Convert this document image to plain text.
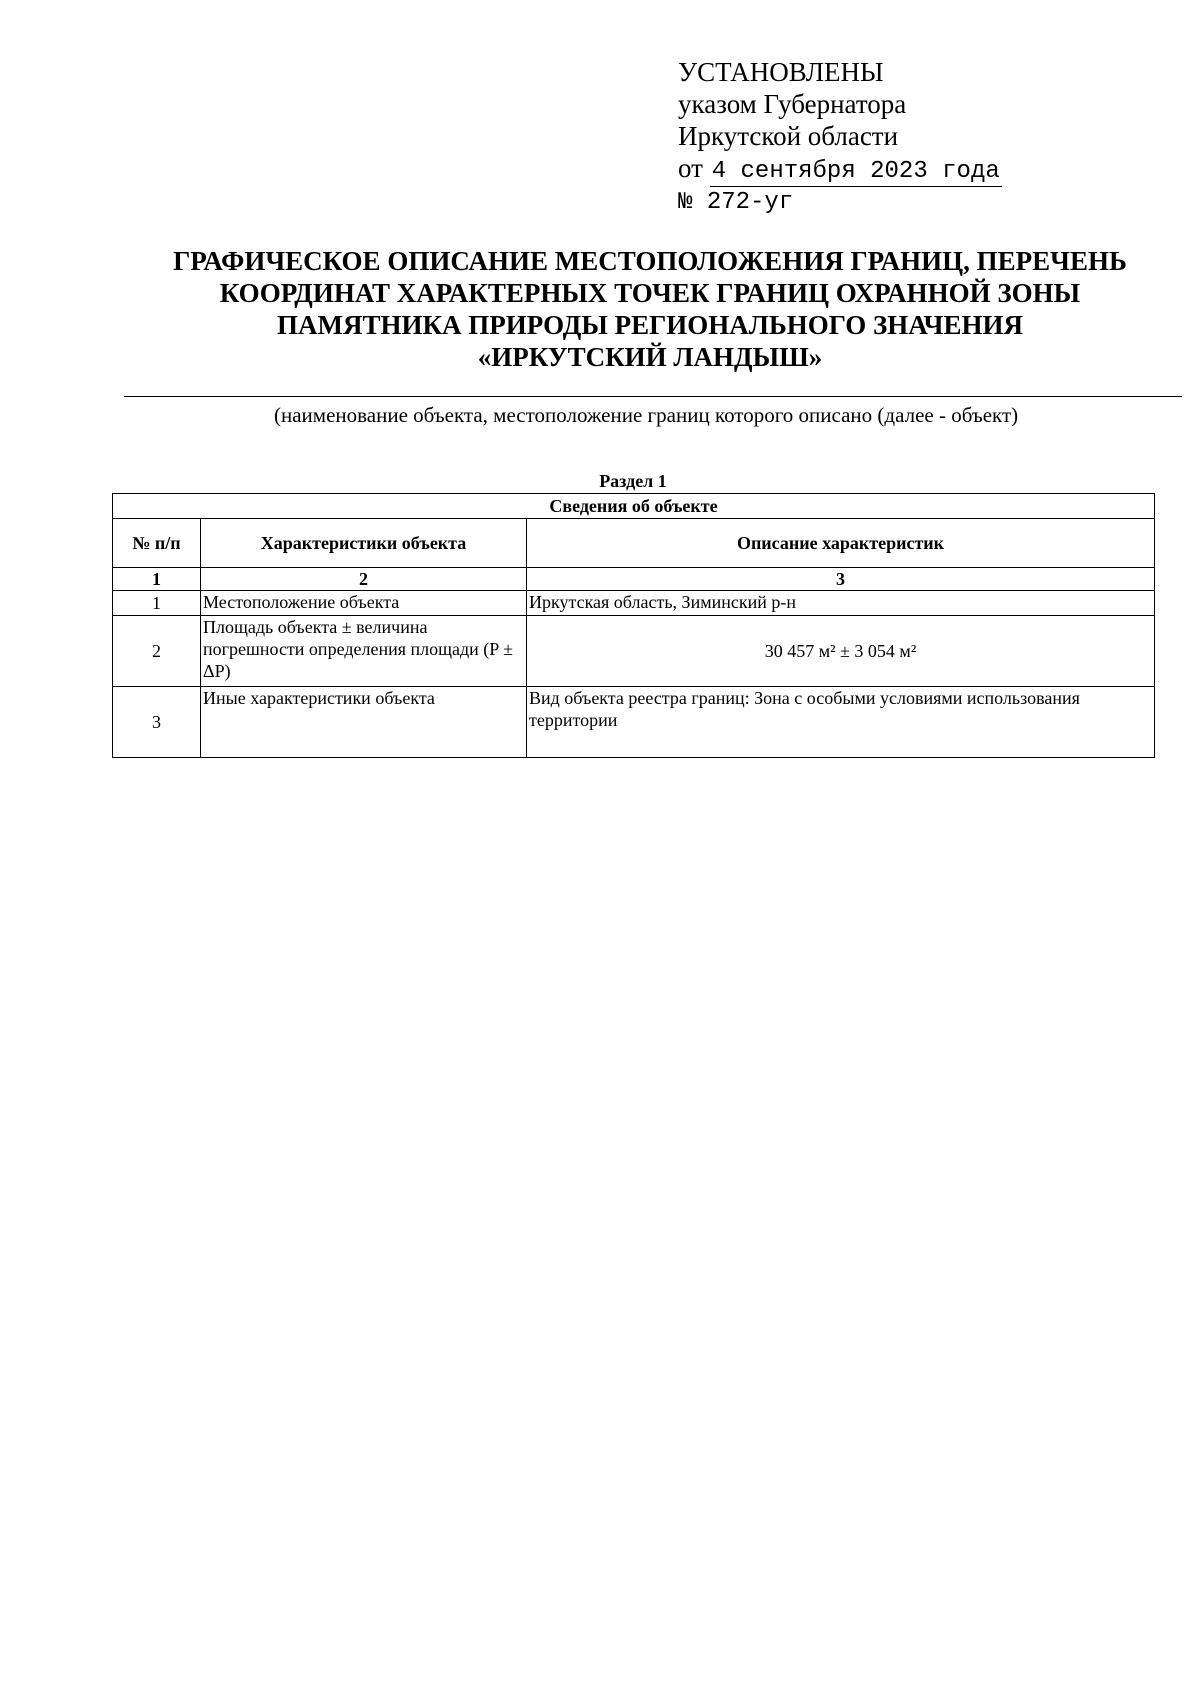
УСТАНОВЛЕНЫ
указом Губернатора
Иркутской области
от 4 сентября 2023 года
№ 272-уг
ГРАФИЧЕСКОЕ ОПИСАНИЕ МЕСТОПОЛОЖЕНИЯ ГРАНИЦ, ПЕРЕЧЕНЬ
КООРДИНАТ ХАРАКТЕРНЫХ ТОЧЕК ГРАНИЦ ОХРАННОЙ ЗОНЫ
ПАМЯТНИКА ПРИРОДЫ РЕГИОНАЛЬНОГО ЗНАЧЕНИЯ
«ИРКУТСКИЙ ЛАНДЫШ»
(наименование объекта, местоположение границ которого описано (далее - объект)
Раздел 1
Сведения об объекте		
№ п/п	Характеристики объекта	Описание характеристик
1	2	3
1	Местоположение объекта	Иркутская область, Зиминский р-н
2	Площадь объекта ± величина погрешности определения площади (P ± ΔP)	30 457 м² ± 3 054 м²
3	Иные характеристики объекта	Вид объекта реестра границ: Зона с особыми условиями использования территории
